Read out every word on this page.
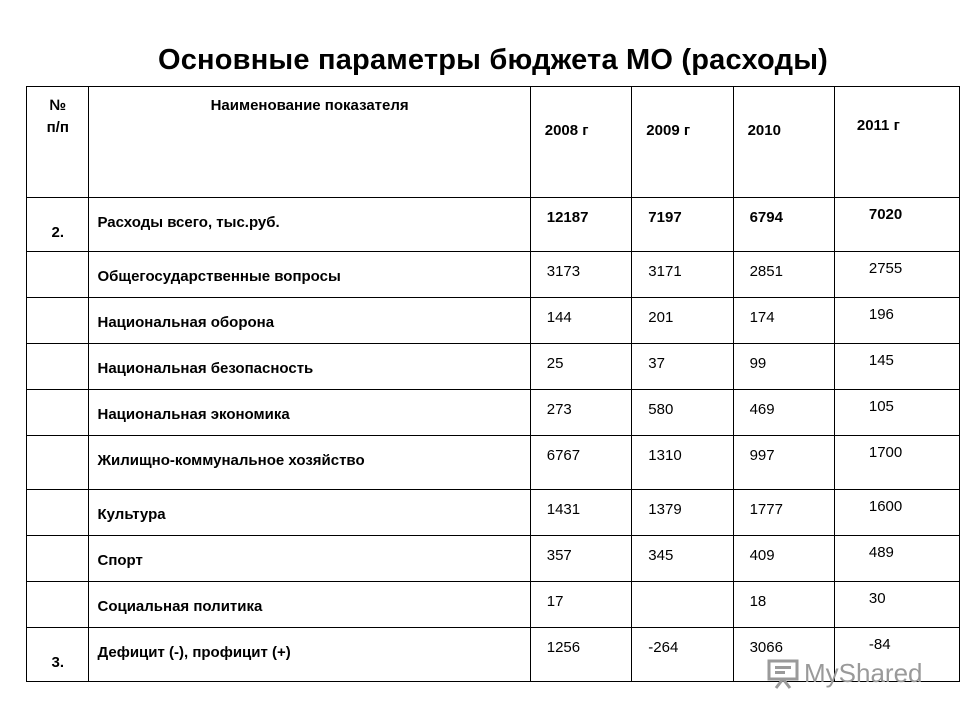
Основные параметры бюджета МО (расходы)
№
п/п	Наименование показателя	2008 г	2009 г	2010	2011 г

2.	Расходы всего, тыс.руб.	12187	7197	6794	7020

	Общегосударственные вопросы	3173	3171	2851	2755

	Национальная оборона	144	201	174	196

	Национальная безопасность	25	37	99	145

	Национальная экономика	273	580	469	105

	Жилищно-коммунальное хозяйство	6767	1310	997	1700

	Культура	1431	1379	1777	1600

	Спорт	357	345	409	489

	Социальная политика	17		18	30

3.	Дефицит (-), профицит (+)	1256	-264	3066	-84
MyShared
